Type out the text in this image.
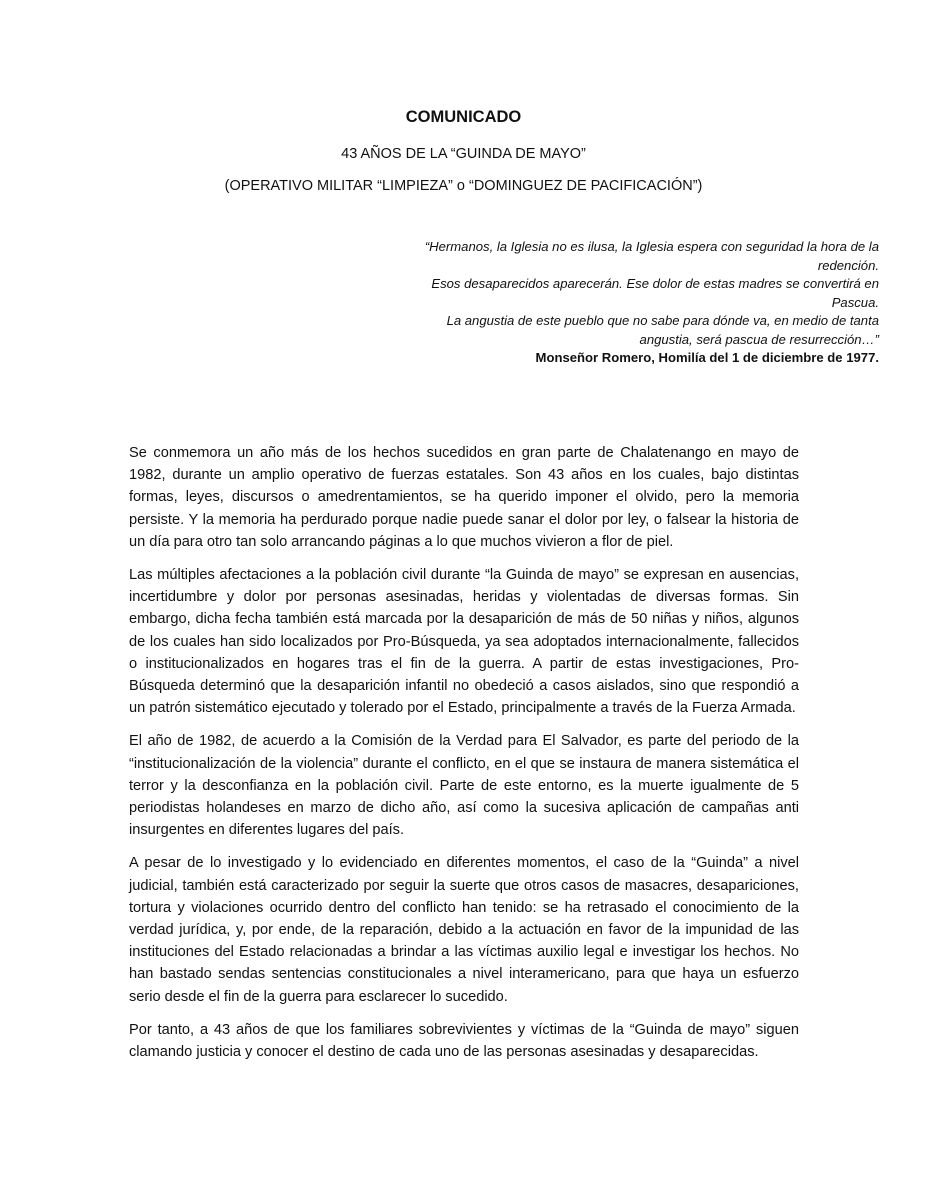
COMUNICADO
43 AÑOS DE LA “GUINDA DE MAYO”
(OPERATIVO MILITAR “LIMPIEZA” o “DOMINGUEZ DE PACIFICACIÓN”)
“Hermanos, la Iglesia no es ilusa, la Iglesia espera con seguridad la hora de la redención.
Esos desaparecidos aparecerán. Ese dolor de estas madres se convertirá en Pascua.
La angustia de este pueblo que no sabe para dónde va, en medio de tanta angustia, será pascua de resurrección…”
Monseñor Romero, Homilía del 1 de diciembre de 1977.

Se conmemora un año más de los hechos sucedidos en gran parte de Chalatenango en mayo de 1982, durante un amplio operativo de fuerzas estatales. Son 43 años en los cuales, bajo distintas formas, leyes, discursos o amedrentamientos, se ha querido imponer el olvido, pero la memoria persiste. Y la memoria ha perdurado porque nadie puede sanar el dolor por ley, o falsear la historia de un día para otro tan solo arrancando páginas a lo que muchos vivieron a flor de piel.

Las múltiples afectaciones a la población civil durante “la Guinda de mayo” se expresan en ausencias, incertidumbre y dolor por personas asesinadas, heridas y violentadas de diversas formas. Sin embargo, dicha fecha también está marcada por la desaparición de más de 50 niñas y niños, algunos de los cuales han sido localizados por Pro-Búsqueda, ya sea adoptados internacionalmente, fallecidos o institucionalizados en hogares tras el fin de la guerra. A partir de estas investigaciones, Pro-Búsqueda determinó que la desaparición infantil no obedeció a casos aislados, sino que respondió a un patrón sistemático ejecutado y tolerado por el Estado, principalmente a través de la Fuerza Armada.

El año de 1982, de acuerdo a la Comisión de la Verdad para El Salvador, es parte del periodo de la “institucionalización de la violencia” durante el conflicto, en el que se instaura de manera sistemática el terror y la desconfianza en la población civil. Parte de este entorno, es la muerte igualmente de 5 periodistas holandeses en marzo de dicho año, así como la sucesiva aplicación de campañas anti insurgentes en diferentes lugares del país.

A pesar de lo investigado y lo evidenciado en diferentes momentos, el caso de la “Guinda” a nivel judicial, también está caracterizado por seguir la suerte que otros casos de masacres, desapariciones, tortura y violaciones ocurrido dentro del conflicto han tenido: se ha retrasado el conocimiento de la verdad jurídica, y, por ende, de la reparación, debido a la actuación en favor de la impunidad de las instituciones del Estado relacionadas a brindar a las víctimas auxilio legal e investigar los hechos. No han bastado sendas sentencias constitucionales a nivel interamericano, para que haya un esfuerzo serio desde el fin de la guerra para esclarecer lo sucedido.

Por tanto, a 43 años de que los familiares sobrevivientes y víctimas de la “Guinda de mayo” siguen clamando justicia y conocer el destino de cada uno de las personas asesinadas y desaparecidas.
